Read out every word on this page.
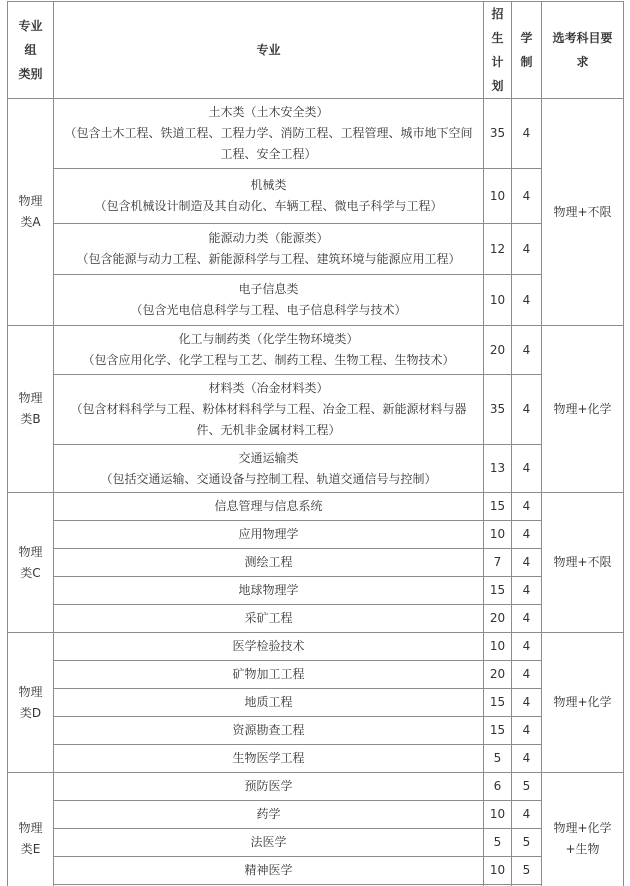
专业
组
类别	专业	招
生
计
划	学
制	选考科目要
求

物理
类A	土木类（土木安全类）
（包含土木工程、铁道工程、工程力学、消防工程、工程管理、城市地下空间
工程、安全工程）	35	4	物理+不限

	机械类
（包含机械设计制造及其自动化、车辆工程、微电子科学与工程）	10	4	

	能源动力类（能源类）
（包含能源与动力工程、新能源科学与工程、建筑环境与能源应用工程）	12	4	

	电子信息类
（包含光电信息科学与工程、电子信息科学与技术）	10	4	

物理
类B	化工与制药类（化学生物环境类）
（包含应用化学、化学工程与工艺、制药工程、生物工程、生物技术）	20	4	物理+化学

	材料类（冶金材料类）
（包含材料科学与工程、粉体材料科学与工程、冶金工程、新能源材料与器
件、无机非金属材料工程）	35	4	

	交通运输类
（包括交通运输、交通设备与控制工程、轨道交通信号与控制）	13	4	

物理
类C	信息管理与信息系统	15	4	物理+不限

	应用物理学	10	4	

	测绘工程	7	4	

	地球物理学	15	4	

	采矿工程	20	4	

物理
类D	医学检验技术	10	4	物理+化学

	矿物加工工程	20	4	

	地质工程	15	4	

	资源勘查工程	15	4	

	生物医学工程	5	4	

物理
类E	预防医学	6	5	物理+化学
+生物

	药学	10	4	

	法医学	5	5	

	精神医学	10	5	
